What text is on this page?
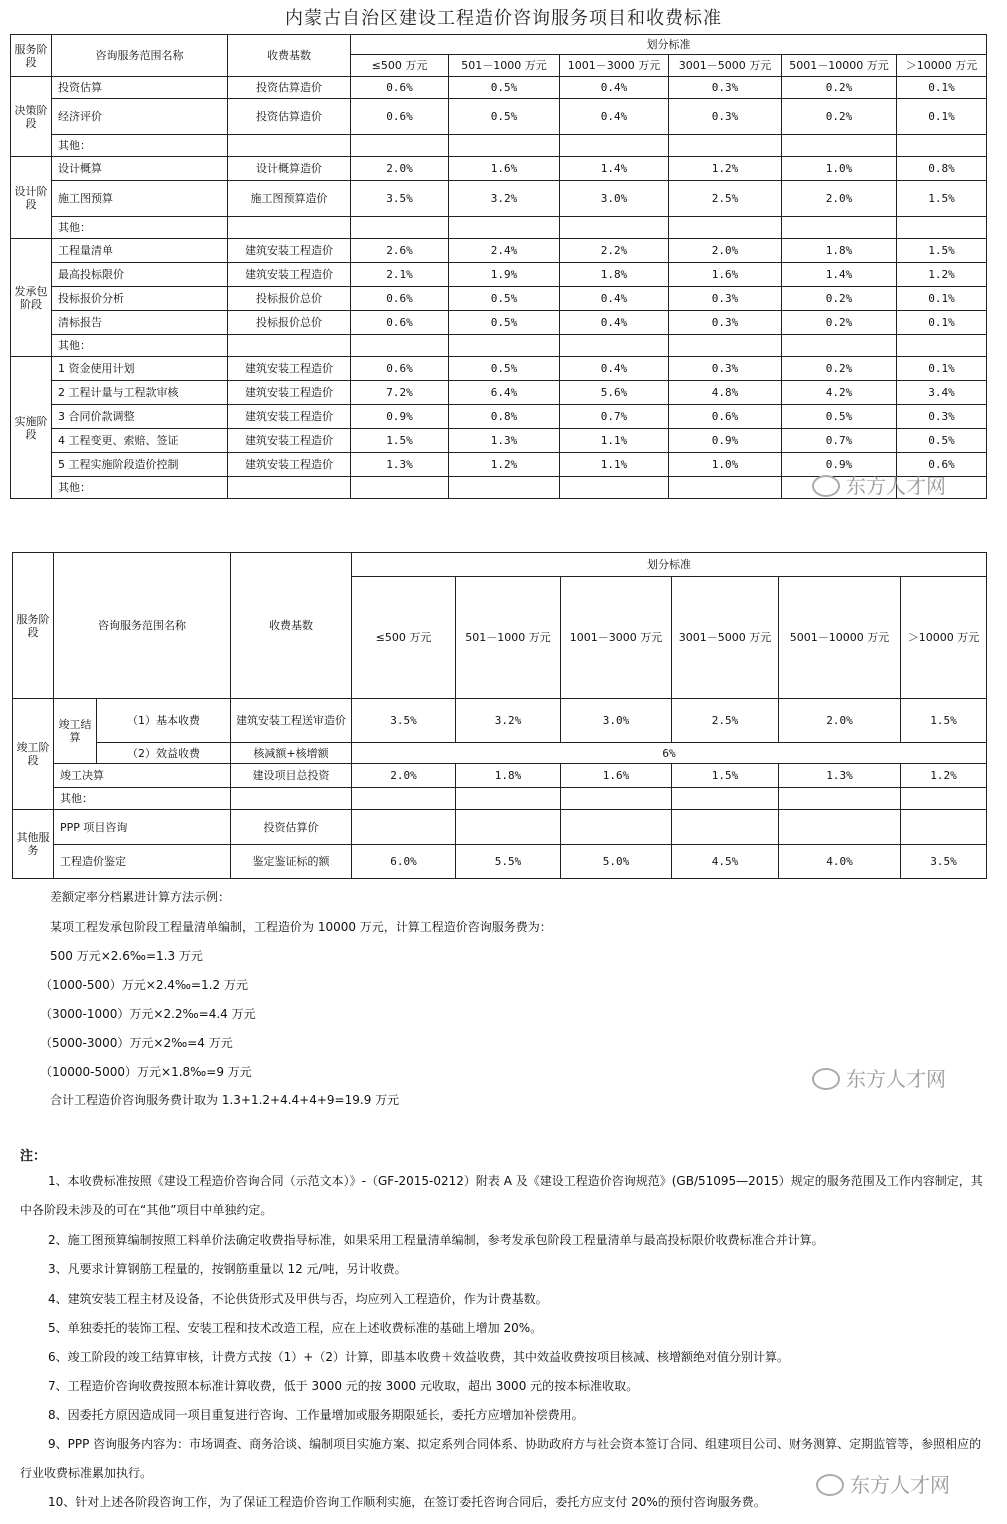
内蒙古自治区建设工程造价咨询服务项目和收费标准
服务阶段	咨询服务范围名称	收费基数	划分标准					
			≤500 万元	501－1000 万元	1001－3000 万元	3001－5000 万元	5001－10000 万元	＞10000 万元
决策阶段	投资估算	投资估算造价	0.6%	0.5%	0.4%	0.3%	0.2%	0.1%
	经济评价	投资估算造价	0.6%	0.5%	0.4%	0.3%	0.2%	0.1%
	其他：							
设计阶段	设计概算	设计概算造价	2.0%	1.6%	1.4%	1.2%	1.0%	0.8%
	施工图预算	施工图预算造价	3.5%	3.2%	3.0%	2.5%	2.0%	1.5%
	其他：							
发承包阶段	工程量清单	建筑安装工程造价	2.6%	2.4%	2.2%	2.0%	1.8%	1.5%
	最高投标限价	建筑安装工程造价	2.1%	1.9%	1.8%	1.6%	1.4%	1.2%
	投标报价分析	投标报价总价	0.6%	0.5%	0.4%	0.3%	0.2%	0.1%
	清标报告	投标报价总价	0.6%	0.5%	0.4%	0.3%	0.2%	0.1%
	其他：							
实施阶段	1 资金使用计划	建筑安装工程造价	0.6%	0.5%	0.4%	0.3%	0.2%	0.1%
	2 工程计量与工程款审核	建筑安装工程造价	7.2%	6.4%	5.6%	4.8%	4.2%	3.4%
	3 合同价款调整	建筑安装工程造价	0.9%	0.8%	0.7%	0.6%	0.5%	0.3%
	4 工程变更、索赔、签证	建筑安装工程造价	1.5%	1.3%	1.1%	0.9%	0.7%	0.5%
	5 工程实施阶段造价控制	建筑安装工程造价	1.3%	1.2%	1.1%	1.0%	0.9%	0.6%
	其他：							
服务阶段	咨询服务范围名称		收费基数	划分标准					
				≤500 万元	501－1000 万元	1001－3000 万元	3001－5000 万元	5001－10000 万元	＞10000 万元
竣工阶段	竣工结算	（1）基本收费	建筑安装工程送审造价	3.5%	3.2%	3.0%	2.5%	2.0%	1.5%
		（2）效益收费	核减额+核增额	6%					
	竣工决算		建设项目总投资	2.0%	1.8%	1.6%	1.5%	1.3%	1.2%
	其他：								
其他服务	PPP 项目咨询		投资估算价						
	工程造价鉴定		鉴定鉴证标的额	6.0%	5.5%	5.0%	4.5%	4.0%	3.5%
差额定率分档累进计算方法示例：
某项工程发承包阶段工程量清单编制，工程造价为 10000 万元，计算工程造价咨询服务费为：
500 万元×2.6‰=1.3 万元
（1000-500）万元×2.4‰=1.2 万元
（3000-1000）万元×2.2‰=4.4 万元
（5000-3000）万元×2‰=4 万元
（10000-5000）万元×1.8‰=9 万元
合计工程造价咨询服务费计取为 1.3+1.2+4.4+4+9=19.9 万元
注：
1、本收费标准按照《建设工程造价咨询合同（示范文本）》-（GF-2015-0212）附表 A 及《建设工程造价咨询规范》(GB/51095—2015）规定的服务范围及工作内容制定，其中各阶段未涉及的可在“其他”项目中单独约定。
2、施工图预算编制按照工料单价法确定收费指导标准，如果采用工程量清单编制，参考发承包阶段工程量清单与最高投标限价收费标准合并计算。
3、凡要求计算钢筋工程量的，按钢筋重量以 12 元/吨，另计收费。
4、建筑安装工程主材及设备，不论供货形式及甲供与否，均应列入工程造价，作为计费基数。
5、单独委托的装饰工程、安装工程和技术改造工程，应在上述收费标准的基础上增加 20%。
6、竣工阶段的竣工结算审核，计费方式按（1）+（2）计算，即基本收费＋效益收费，其中效益收费按项目核减、核增额绝对值分别计算。
7、工程造价咨询收费按照本标准计算收费，低于 3000 元的按 3000 元收取，超出 3000 元的按本标准收取。
8、因委托方原因造成同一项目重复进行咨询、工作量增加或服务期限延长，委托方应增加补偿费用。
9、PPP 咨询服务内容为：市场调查、商务洽谈、编制项目实施方案、拟定系列合同体系、协助政府方与社会资本签订合同、组建项目公司、财务测算、定期监管等，参照相应的行业收费标准累加执行。
10、针对上述各阶段咨询工作，为了保证工程造价咨询工作顺利实施，在签订委托咨询合同后，委托方应支付 20%的预付咨询服务费。
东方人才网
东方人才网
东方人才网
